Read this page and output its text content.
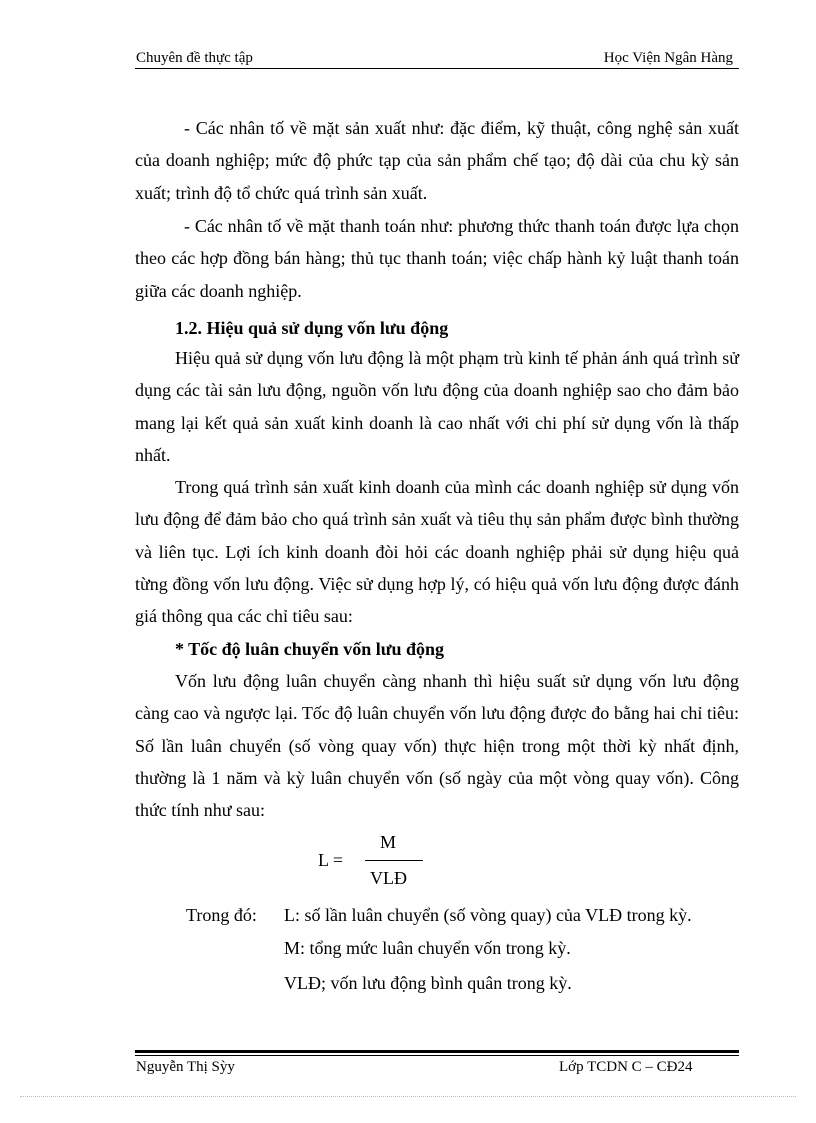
Chuyên đề thực tập	Học Viện Ngân Hàng

- Các nhân tố về mặt sản xuất như: đặc điểm, kỹ thuật, công nghệ sản xuất của doanh nghiệp; mức độ phức tạp của sản phẩm chế tạo; độ dài của chu kỳ sản xuất; trình độ tổ chức quá trình sản xuất.

- Các nhân tố về mặt thanh toán như: phương thức thanh toán được lựa chọn theo các hợp đồng bán hàng; thủ tục thanh toán; việc chấp hành kỷ luật thanh toán giữa các doanh nghiệp.

1.2. Hiệu quả sử dụng vốn lưu động

Hiệu quả sử dụng vốn lưu động là một phạm trù kinh tế phản ánh quá trình sử dụng các tài sản lưu động, nguồn vốn lưu động của doanh nghiệp sao cho đảm bảo mang lại kết quả sản xuất kinh doanh là cao nhất với chi phí sử dụng vốn là thấp nhất.

Trong quá trình sản xuất kinh doanh của mình các doanh nghiệp sử dụng vốn lưu động để đảm bảo cho quá trình sản xuất và tiêu thụ sản phẩm được bình thường và liên tục. Lợi ích kinh doanh đòi hỏi các doanh nghiệp phải sử dụng hiệu quả từng đồng vốn lưu động. Việc sử dụng hợp lý, có hiệu quả vốn lưu động được đánh giá thông qua các chỉ tiêu sau:

* Tốc độ luân chuyển vốn lưu động

Vốn lưu động luân chuyển càng nhanh thì hiệu suất sử dụng vốn lưu động càng cao và ngược lại. Tốc độ luân chuyển vốn lưu động được đo bằng hai chỉ tiêu: Số lần luân chuyển (số vòng quay vốn) thực hiện trong một thời kỳ nhất định, thường là 1 năm và kỳ luân chuyển vốn (số ngày của một vòng quay vốn). Công thức tính như sau:

L =
M
VLĐ
Trong đó: L: số lần luân chuyển (số vòng quay) của VLĐ trong kỳ.
M: tổng mức luân chuyển vốn trong kỳ.
VLĐ; vốn lưu động bình quân trong kỳ.
Nguyễn Thị Sỳy	Lớp TCDN C – CĐ24
